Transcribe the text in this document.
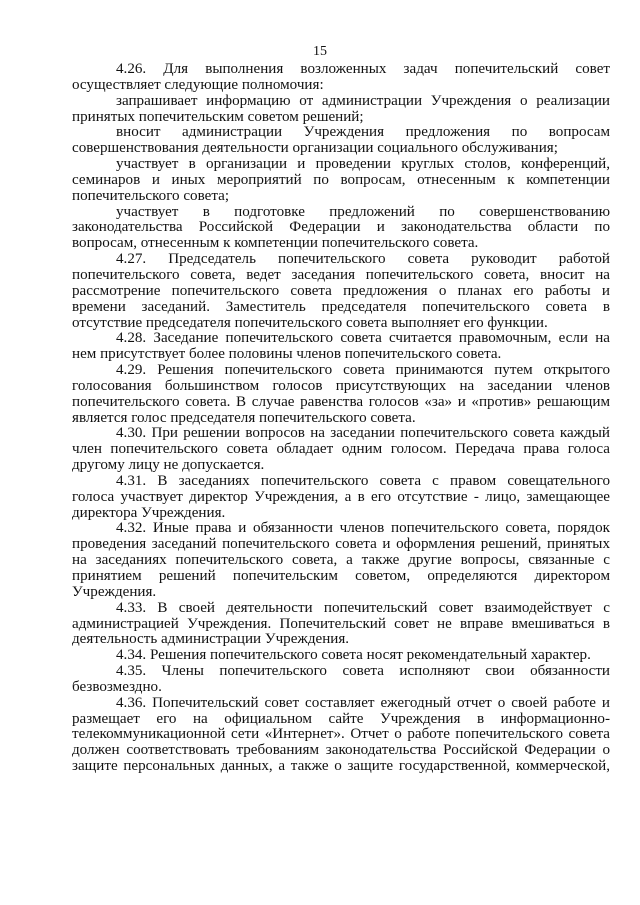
15

4.26. Для выполнения возложенных задач попечительский совет
осуществляет следующие полномочия:

запрашивает информацию от администрации Учреждения о реализации
принятых попечительским советом решений;

вносит администрации Учреждения предложения по вопросам
совершенствования деятельности организации социального обслуживания;

участвует в организации и проведении круглых столов, конференций,
семинаров и иных мероприятий по вопросам, отнесенным к компетенции
попечительского совета;

участвует в подготовке предложений по совершенствованию
законодательства Российской Федерации и законодательства области по
вопросам, отнесенным к компетенции попечительского совета.

4.27. Председатель попечительского совета руководит работой
попечительского совета, ведет заседания попечительского совета, вносит на
рассмотрение попечительского совета предложения о планах его работы и
времени заседаний. Заместитель председателя попечительского совета в
отсутствие председателя попечительского совета выполняет его функции.

4.28. Заседание попечительского совета считается правомочным, если на
нем присутствует более половины членов попечительского совета.

4.29. Решения попечительского совета принимаются путем открытого
голосования большинством голосов присутствующих на заседании членов
попечительского совета. В случае равенства голосов «за» и «против» решающим
является голос председателя попечительского совета.

4.30. При решении вопросов на заседании попечительского совета каждый
член попечительского совета обладает одним голосом. Передача права голоса
другому лицу не допускается.

4.31. В заседаниях попечительского совета с правом совещательного
голоса участвует директор Учреждения, а в его отсутствие - лицо, замещающее
директора Учреждения.

4.32. Иные права и обязанности членов попечительского совета, порядок
проведения заседаний попечительского совета и оформления решений, принятых
на заседаниях попечительского совета, а также другие вопросы, связанные с
принятием решений попечительским советом, определяются директором
Учреждения.

4.33. В своей деятельности попечительский совет взаимодействует с
администрацией Учреждения. Попечительский совет не вправе вмешиваться в
деятельность администрации Учреждения.

4.34. Решения попечительского совета носят рекомендательный характер.

4.35. Члены попечительского совета исполняют свои обязанности
безвозмездно.

4.36. Попечительский совет составляет ежегодный отчет о своей работе и
размещает его на официальном сайте Учреждения в информационно-
телекоммуникационной сети «Интернет». Отчет о работе попечительского совета
должен соответствовать требованиям законодательства Российской Федерации о
защите персональных данных, а также о защите государственной, коммерческой,
